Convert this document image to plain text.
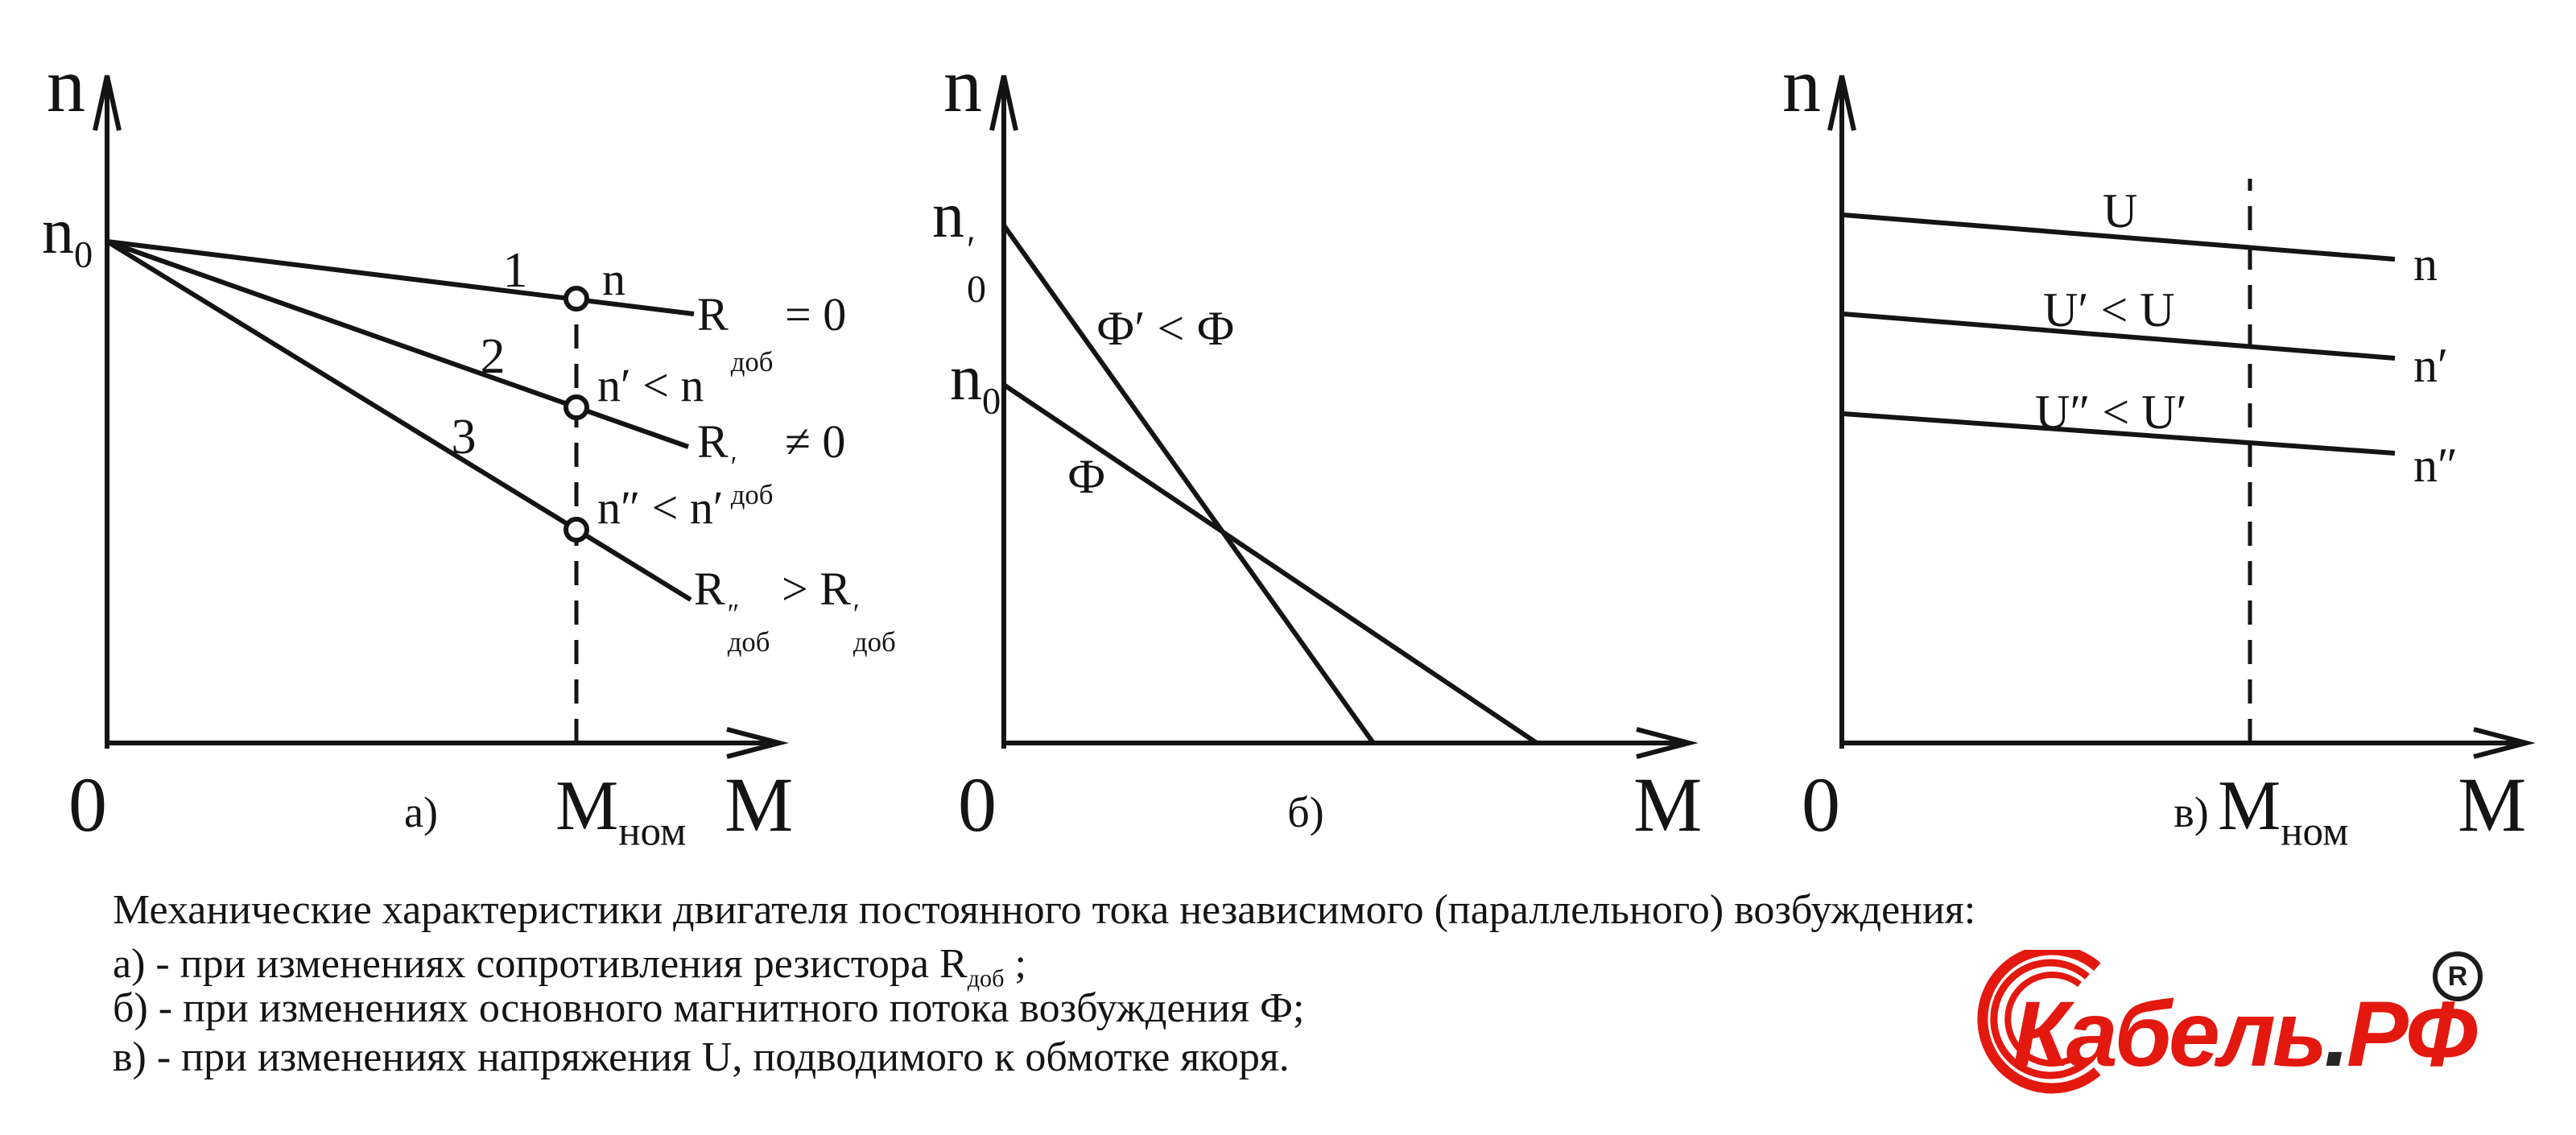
n
$n_0$	1
2
3
n
n′ < n
n″ < n′
R
доб
= 0
R ′
доб
≠ 0
R ″
доб
> R ′
доб
0	$M_{ном}$ M
а)
n
n ′
0
$n_0$
Ф′ < Ф
Ф
0	M
б)
n
U
U′ < U
U″ < U′
n
n′
n″
0	$M_{ном}$ M
в)
Механические характеристики двигателя постоянного тока независимого (параллельного) возбуждения:
а) - при изменениях сопротивления резистора $R_{доб}$ ;
б) - при изменениях основного магнитного потока возбуждения Ф;
в) - при изменениях напряжения U, подводимого к обмотке якоря.	Кабель.РФ
R
